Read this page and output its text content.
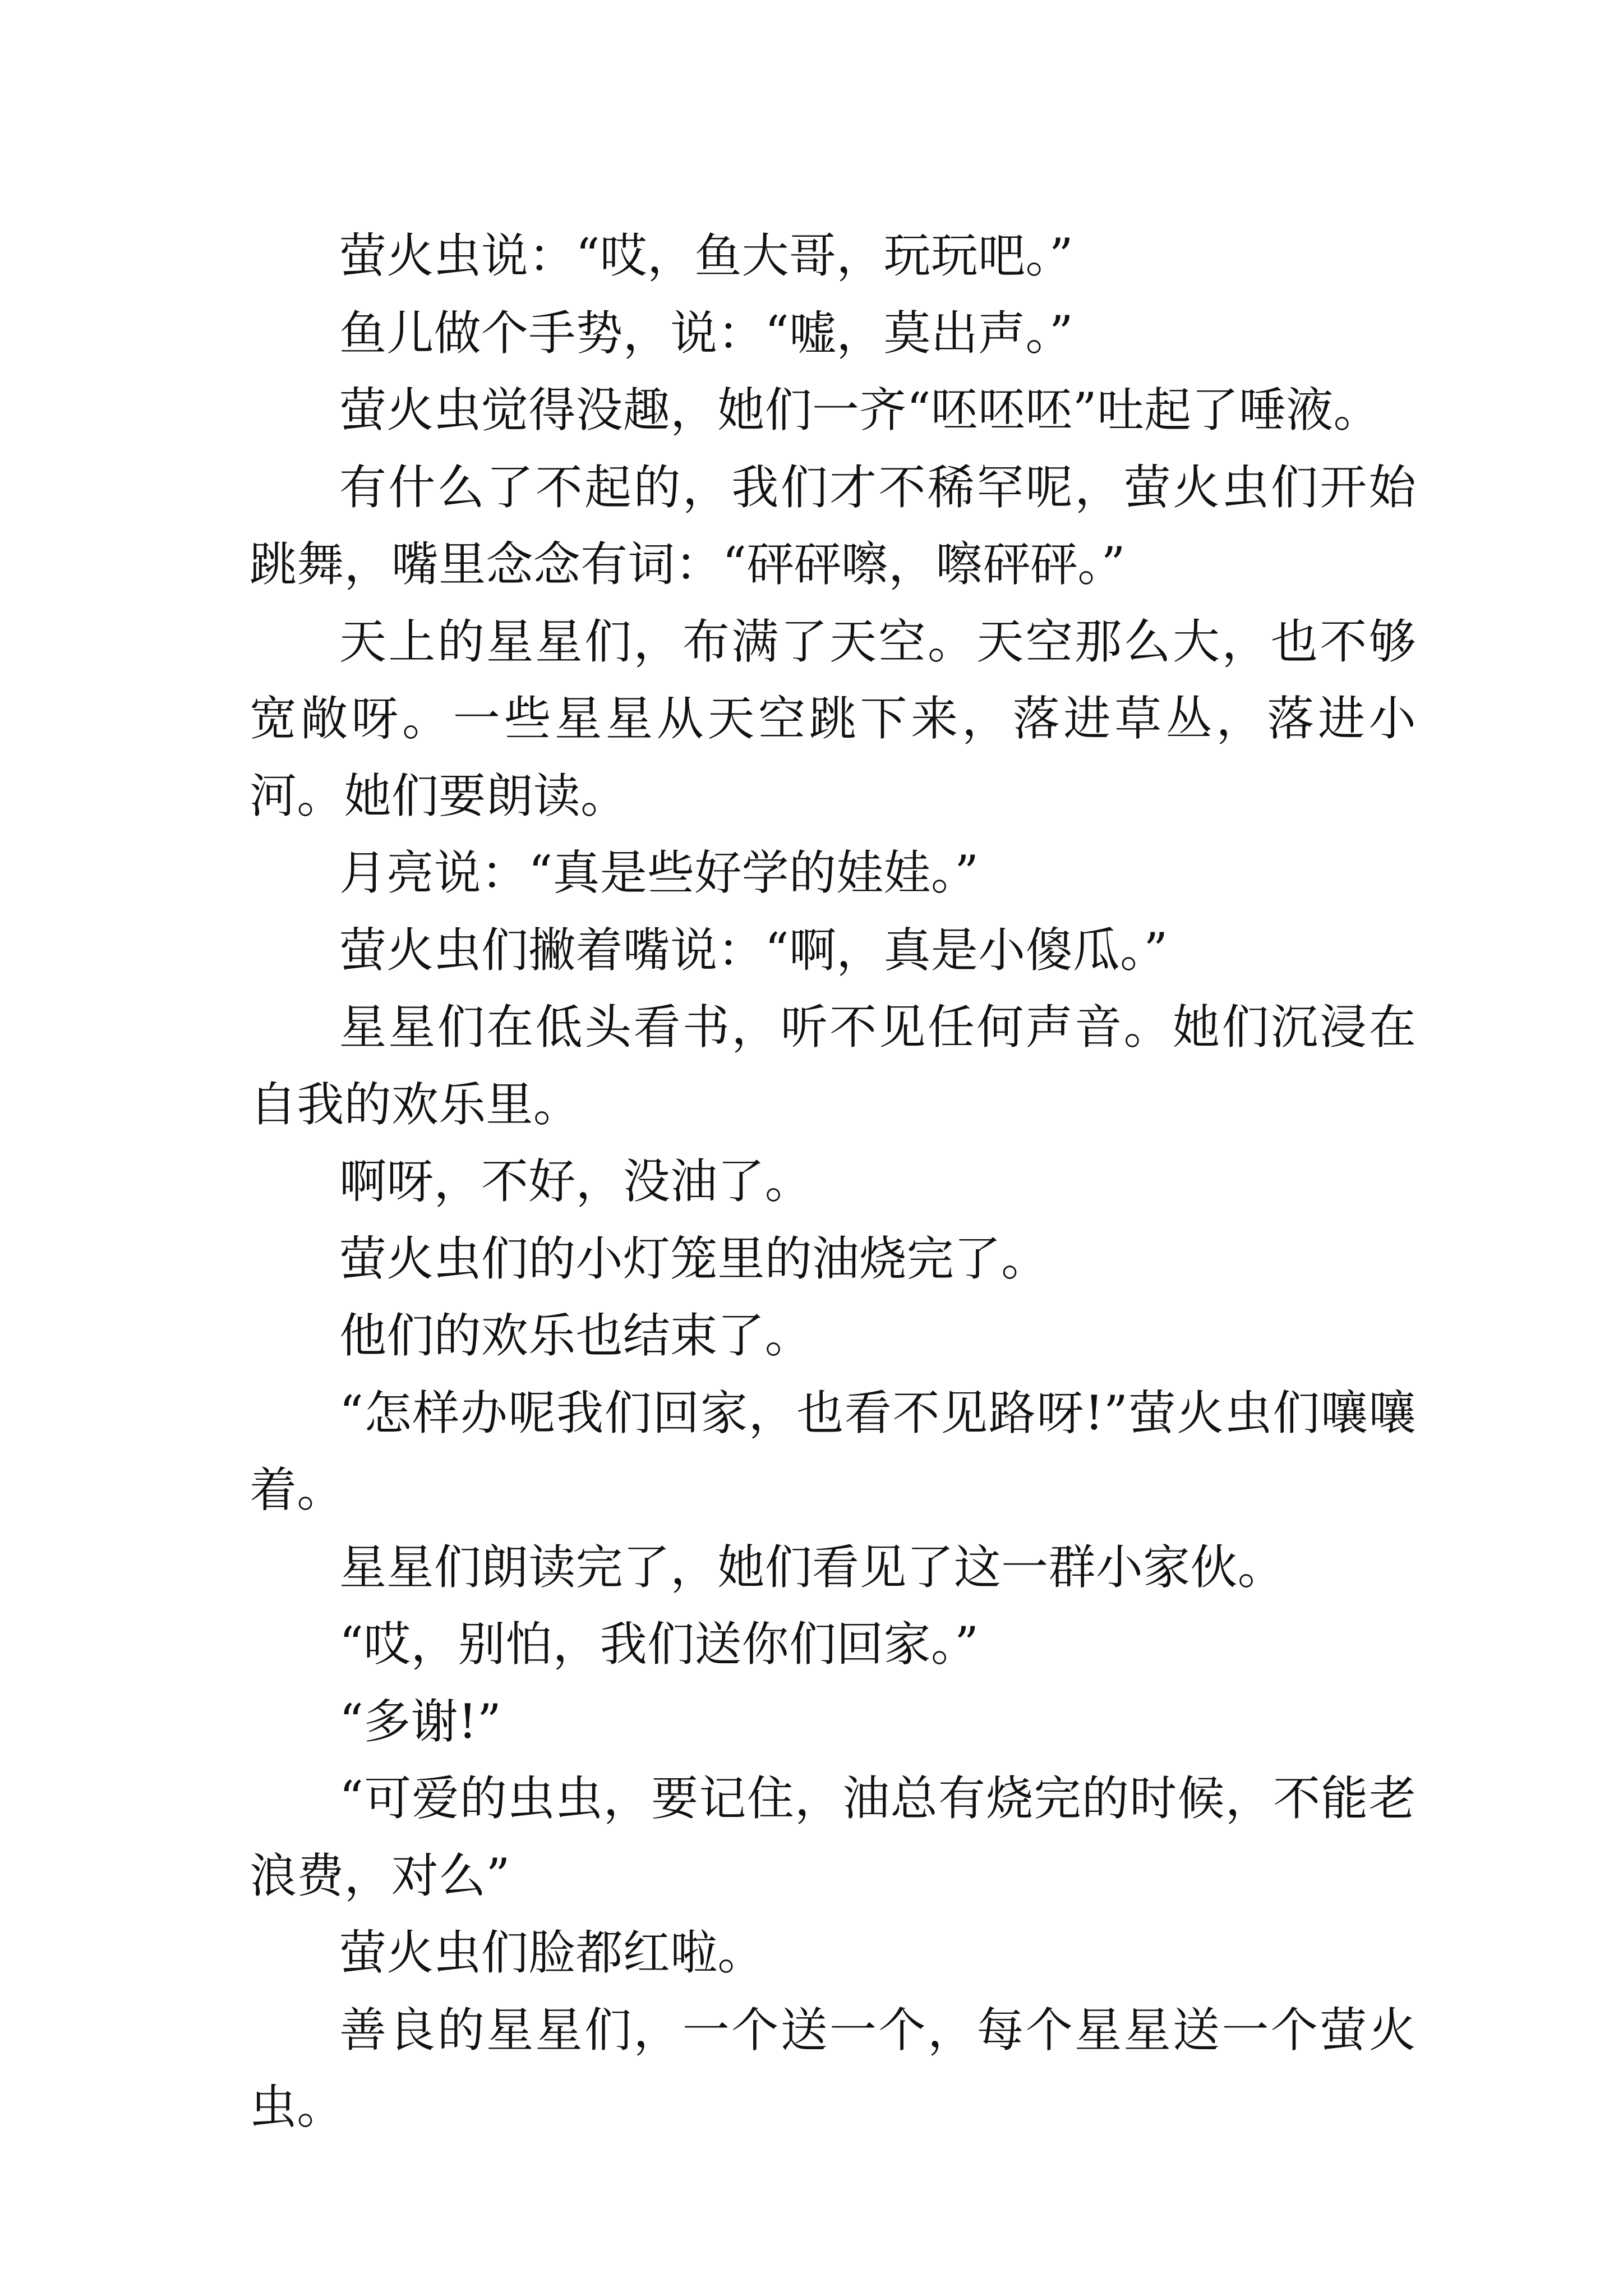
萤火虫说：“哎，鱼大哥，玩玩吧。”

鱼儿做个手势，说：“嘘，莫出声。”

萤火虫觉得没趣，她们一齐“呸呸呸”吐起了唾液。

有什么了不起的，我们才不稀罕呢，萤火虫们开始跳舞，嘴里念念有词：“砰砰嚓，嚓砰砰。”

天上的星星们，布满了天空。天空那么大，也不够宽敞呀。一些星星从天空跳下来，落进草丛，落进小河。她们要朗读。

月亮说：“真是些好学的娃娃。”

萤火虫们撇着嘴说：“啊，真是小傻瓜。”

星星们在低头看书，听不见任何声音。她们沉浸在自我的欢乐里。

啊呀，不好，没油了。

萤火虫们的小灯笼里的油烧完了。

他们的欢乐也结束了。

“怎样办呢我们回家，也看不见路呀!”萤火虫们嚷嚷着。

星星们朗读完了，她们看见了这一群小家伙。

“哎，别怕，我们送你们回家。”

“多谢!”

“可爱的虫虫，要记住，油总有烧完的时候，不能老浪费，对么”

萤火虫们脸都红啦。

善良的星星们，一个送一个，每个星星送一个萤火虫。
